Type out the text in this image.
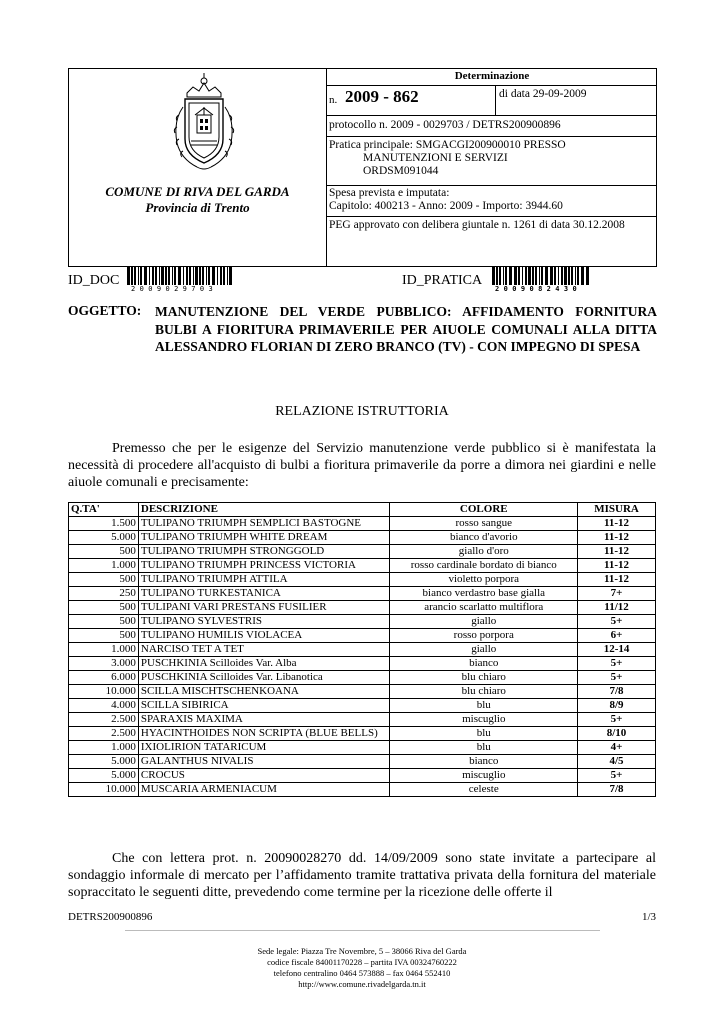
COMUNE DI RIVA DEL GARDA
Provincia di Trento
Determinazione
n. 2009 - 862	di data 29-09-2009
protocollo n. 2009 - 0029703 / DETRS200900896
Pratica principale: SMGACGI200900010 PRESSO
MANUTENZIONI E SERVIZI
ORDSM091044
Spesa prevista e imputata:
Capitolo: 400213 - Anno: 2009 - Importo: 3944.60
PEG approvato con delibera giuntale n. 1261 di data 30.12.2008
ID_DOC
2009029703
ID_PRATICA
2009082430
OGGETTO: MANUTENZIONE DEL VERDE PUBBLICO: AFFIDAMENTO FORNITURA BULBI A FIORITURA PRIMAVERILE PER AIUOLE COMUNALI ALLA DITTA ALESSANDRO FLORIAN DI ZERO BRANCO (TV) - CON IMPEGNO DI SPESA
RELAZIONE ISTRUTTORIA
Premesso che per le esigenze del Servizio manutenzione verde pubblico si è manifestata la necessità di procedere all'acquisto di bulbi a fioritura primaverile da porre a dimora nei giardini e nelle aiuole comunali e precisamente:
Q.TA'	DESCRIZIONE	COLORE	MISURA
1.500	TULIPANO TRIUMPH SEMPLICI BASTOGNE	rosso sangue	11-12
5.000	TULIPANO TRIUMPH WHITE DREAM	bianco d'avorio	11-12
500	TULIPANO TRIUMPH STRONGGOLD	giallo d'oro	11-12
1.000	TULIPANO TRIUMPH PRINCESS VICTORIA	rosso cardinale bordato di bianco	11-12
500	TULIPANO TRIUMPH ATTILA	violetto porpora	11-12
250	TULIPANO TURKESTANICA	bianco verdastro base gialla	7+
500	TULIPANI VARI PRESTANS FUSILIER	arancio scarlatto multiflora	11/12
500	TULIPANO SYLVESTRIS	giallo	5+
500	TULIPANO HUMILIS VIOLACEA	rosso porpora	6+
1.000	NARCISO TET A TET	giallo	12-14
3.000	PUSCHKINIA Scilloides Var. Alba	bianco	5+
6.000	PUSCHKINIA Scilloides Var. Libanotica	blu chiaro	5+
10.000	SCILLA MISCHTSCHENKOANA	blu chiaro	7/8
4.000	SCILLA SIBIRICA	blu	8/9
2.500	SPARAXIS MAXIMA	miscuglio	5+
2.500	HYACINTHOIDES NON SCRIPTA (BLUE BELLS)	blu	8/10
1.000	IXIOLIRION TATARICUM	blu	4+
5.000	GALANTHUS NIVALIS	bianco	4/5
5.000	CROCUS	miscuglio	5+
10.000	MUSCARIA ARMENIACUM	celeste	7/8
Che con lettera prot. n. 20090028270 dd. 14/09/2009 sono state invitate a partecipare al sondaggio informale di mercato per l’affidamento tramite trattativa privata della fornitura del materiale sopraccitato le seguenti ditte, prevedendo come termine per la ricezione delle offerte il
DETRS200900896	1/3
Sede legale: Piazza Tre Novembre, 5 – 38066 Riva del Garda
codice fiscale 84001170228 – partita IVA 00324760222
telefono centralino 0464 573888 – fax 0464 552410
http://www.comune.rivadelgarda.tn.it
